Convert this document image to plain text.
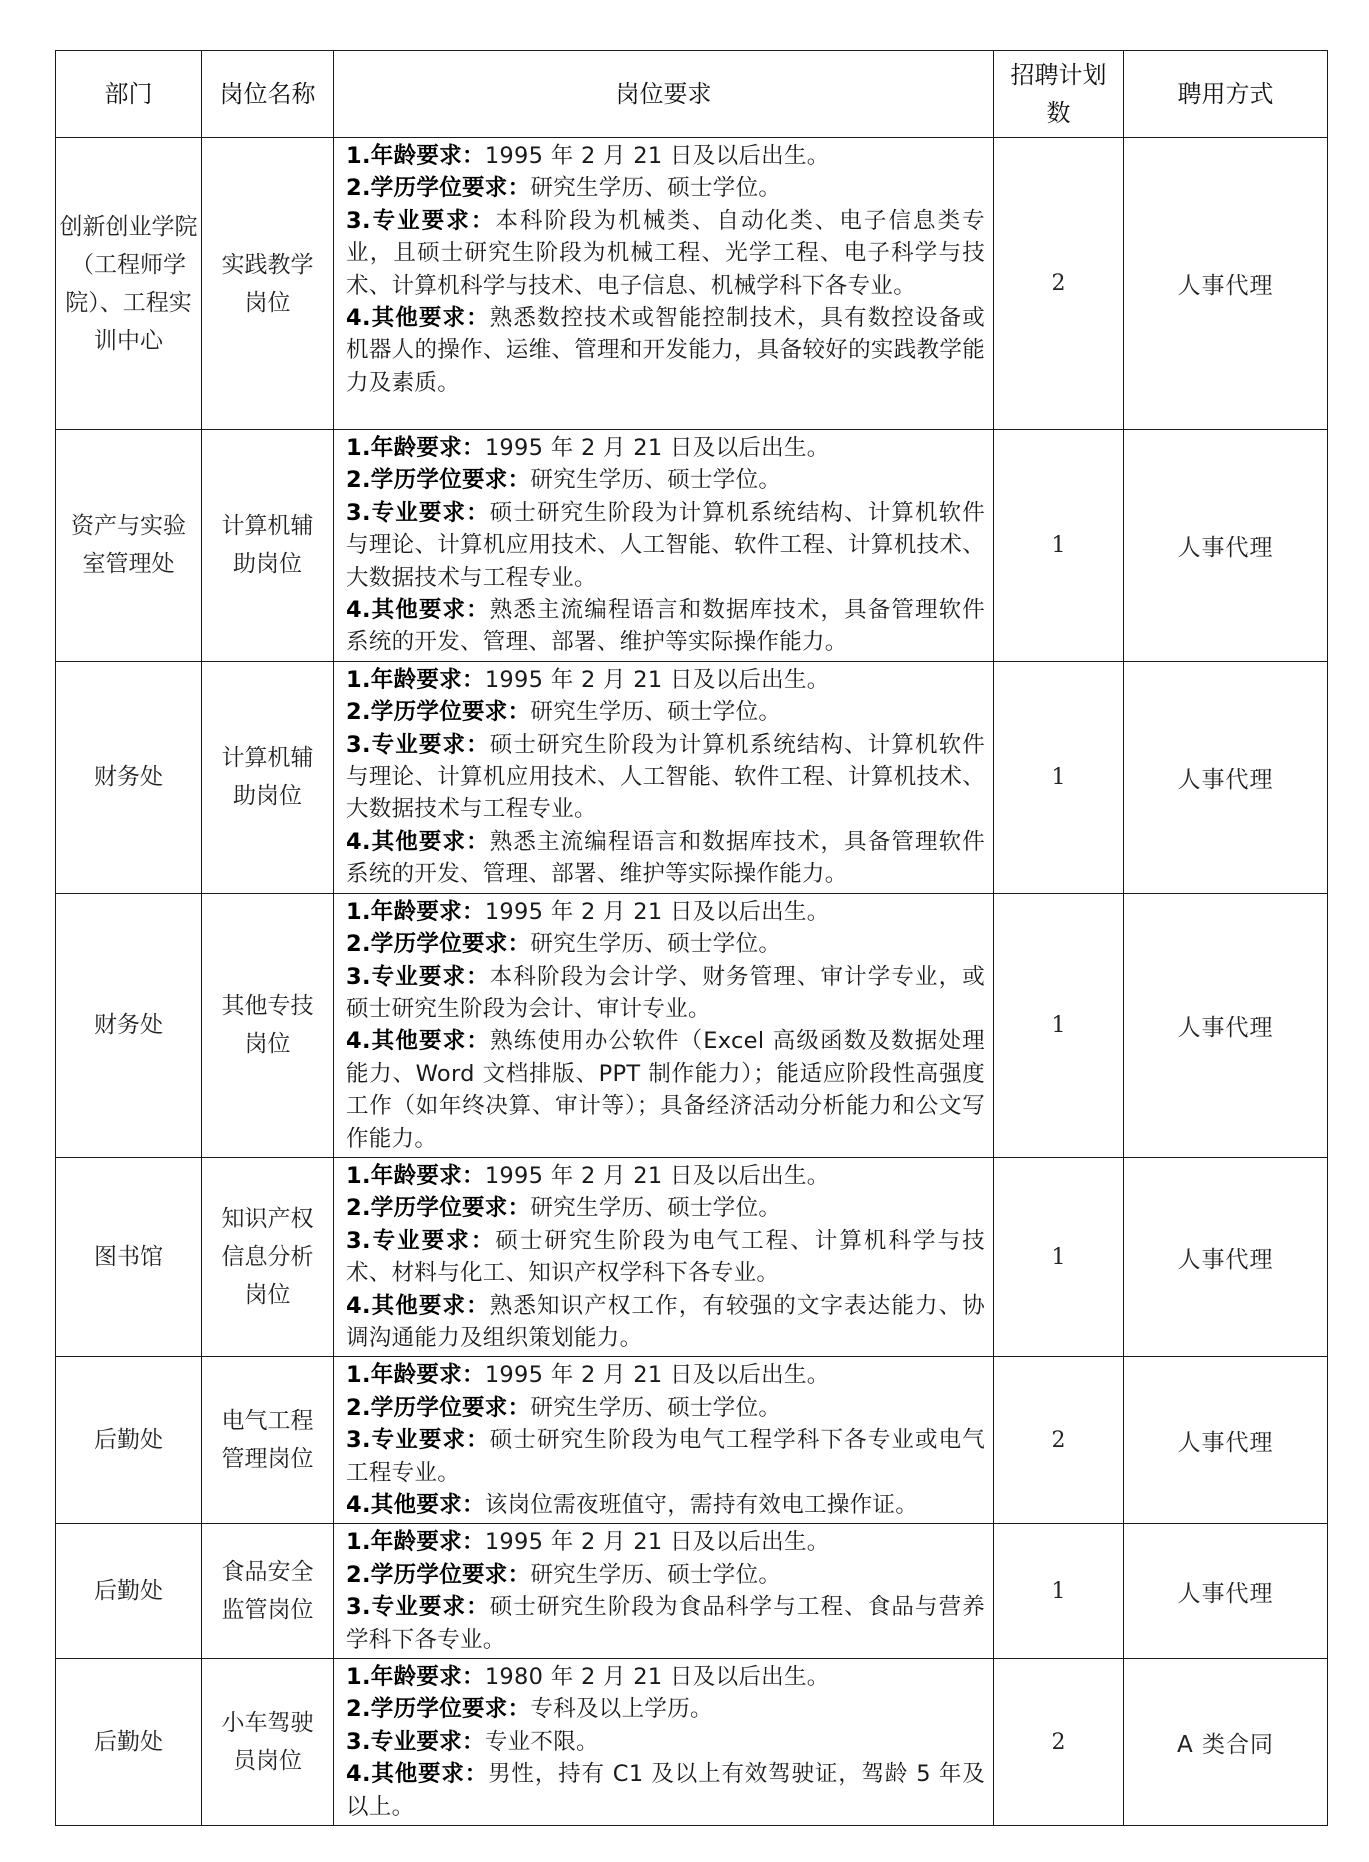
部门	岗位名称	岗位要求	招聘计划数	聘用方式
创新创业学院（工程师学院）、工程实训中心	实践教学岗位	
1.年龄要求：1995 年 2 月 21 日及以后出生。
2.学历学位要求：研究生学历、硕士学位。
3.专业要求：本科阶段为机械类、自动化类、电子信息类专业，且硕士研究生阶段为机械工程、光学工程、电子科学与技术、计算机科学与技术、电子信息、机械学科下各专业。
4.其他要求：熟悉数控技术或智能控制技术，具有数控设备或机器人的操作、运维、管理和开发能力，具备较好的实践教学能力及素质。
	2	人事代理
资产与实验室管理处	计算机辅助岗位	
1.年龄要求：1995 年 2 月 21 日及以后出生。
2.学历学位要求：研究生学历、硕士学位。
3.专业要求：硕士研究生阶段为计算机系统结构、计算机软件与理论、计算机应用技术、人工智能、软件工程、计算机技术、大数据技术与工程专业。
4.其他要求：熟悉主流编程语言和数据库技术，具备管理软件系统的开发、管理、部署、维护等实际操作能力。
	1	人事代理
财务处	计算机辅助岗位	
1.年龄要求：1995 年 2 月 21 日及以后出生。
2.学历学位要求：研究生学历、硕士学位。
3.专业要求：硕士研究生阶段为计算机系统结构、计算机软件与理论、计算机应用技术、人工智能、软件工程、计算机技术、大数据技术与工程专业。
4.其他要求：熟悉主流编程语言和数据库技术，具备管理软件系统的开发、管理、部署、维护等实际操作能力。
	1	人事代理
财务处	其他专技岗位	
1.年龄要求：1995 年 2 月 21 日及以后出生。
2.学历学位要求：研究生学历、硕士学位。
3.专业要求：本科阶段为会计学、财务管理、审计学专业，或硕士研究生阶段为会计、审计专业。
4.其他要求：熟练使用办公软件（Excel 高级函数及数据处理能力、Word 文档排版、PPT 制作能力）；能适应阶段性高强度工作（如年终决算、审计等）；具备经济活动分析能力和公文写作能力。
	1	人事代理
图书馆	知识产权信息分析岗位	
1.年龄要求：1995 年 2 月 21 日及以后出生。
2.学历学位要求：研究生学历、硕士学位。
3.专业要求：硕士研究生阶段为电气工程、计算机科学与技术、材料与化工、知识产权学科下各专业。
4.其他要求：熟悉知识产权工作，有较强的文字表达能力、协调沟通能力及组织策划能力。
	1	人事代理
后勤处	电气工程管理岗位	
1.年龄要求：1995 年 2 月 21 日及以后出生。
2.学历学位要求：研究生学历、硕士学位。
3.专业要求：硕士研究生阶段为电气工程学科下各专业或电气工程专业。
4.其他要求：该岗位需夜班值守，需持有效电工操作证。
	2	人事代理
后勤处	食品安全监管岗位	
1.年龄要求：1995 年 2 月 21 日及以后出生。
2.学历学位要求：研究生学历、硕士学位。
3.专业要求：硕士研究生阶段为食品科学与工程、食品与营养学科下各专业。
	1	人事代理
后勤处	小车驾驶员岗位	
1.年龄要求：1980 年 2 月 21 日及以后出生。
2.学历学位要求：专科及以上学历。
3.专业要求：专业不限。
4.其他要求：男性，持有 C1 及以上有效驾驶证，驾龄 5 年及以上。
	2	A 类合同
